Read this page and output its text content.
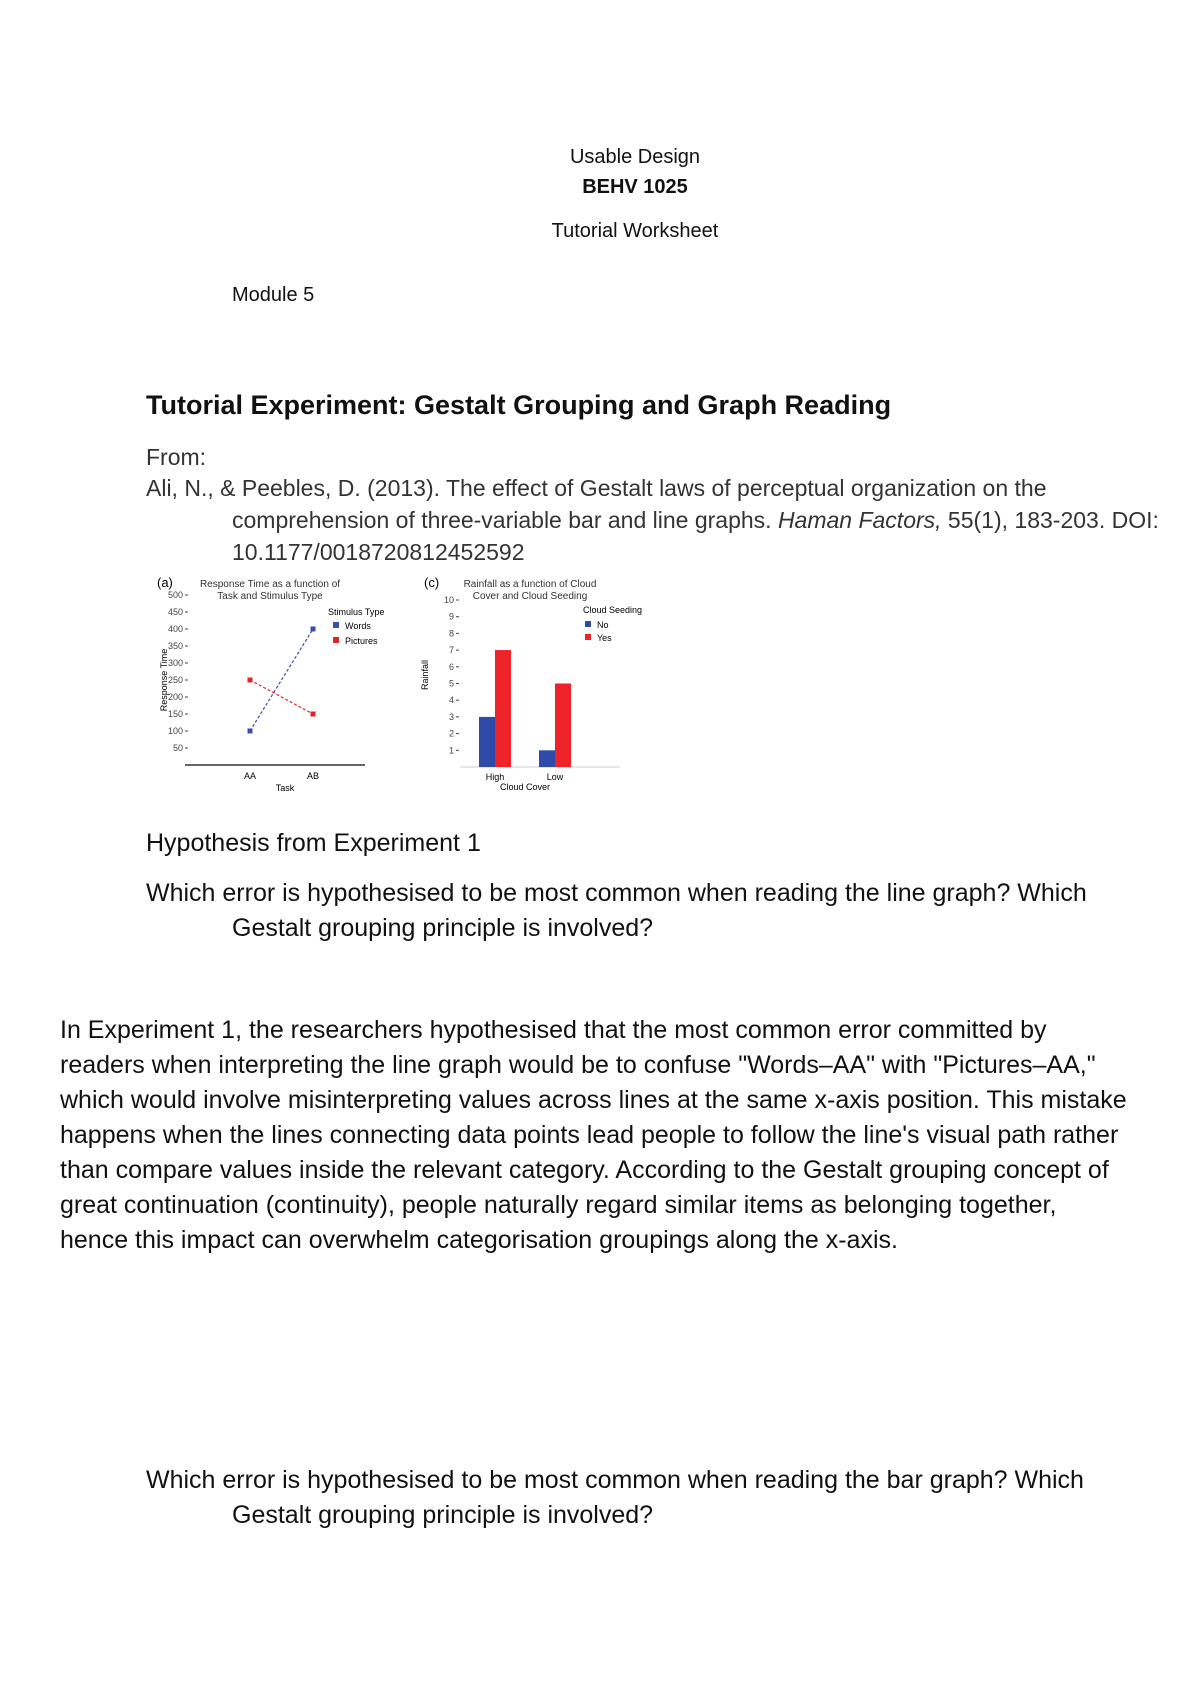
Usable Design
BEHV 1025
Tutorial Worksheet
Module 5
Tutorial Experiment: Gestalt Grouping and Graph Reading
From:
Ali, N., & Peebles, D. (2013). The effect of Gestalt laws of perceptual organization on the comprehension of three-variable bar and line graphs. Haman Factors, 55(1), 183-203. DOI: 10.1177/0018720812452592
(a)	Response Time as a function of
Task and Stimulus Type
50
100
150
200
250
300
350
400
450
500
AA	AB
Task
Response Time
Words
Pictures
Stimulus Type
(c) Rainfall as a function of Cloud
Cover and Cloud Seeding
1
2
3
4
5
6
7
8
9
10
Rainfall
High	Low
Cloud Cover
Cloud Seeding
No
Yes
Hypothesis from Experiment 1
Which error is hypothesised to be most common when reading the line graph? Which Gestalt grouping principle is involved?
In Experiment 1, the researchers hypothesised that the most common error committed by readers when interpreting the line graph would be to confuse "Words–AA" with "Pictures–AA," which would involve misinterpreting values across lines at the same x-axis position. This mistake happens when the lines connecting data points lead people to follow the line's visual path rather than compare values inside the relevant category. According to the Gestalt grouping concept of great continuation (continuity), people naturally regard similar items as belonging together, hence this impact can overwhelm categorisation groupings along the x-axis.
Which error is hypothesised to be most common when reading the bar graph? Which Gestalt grouping principle is involved?
